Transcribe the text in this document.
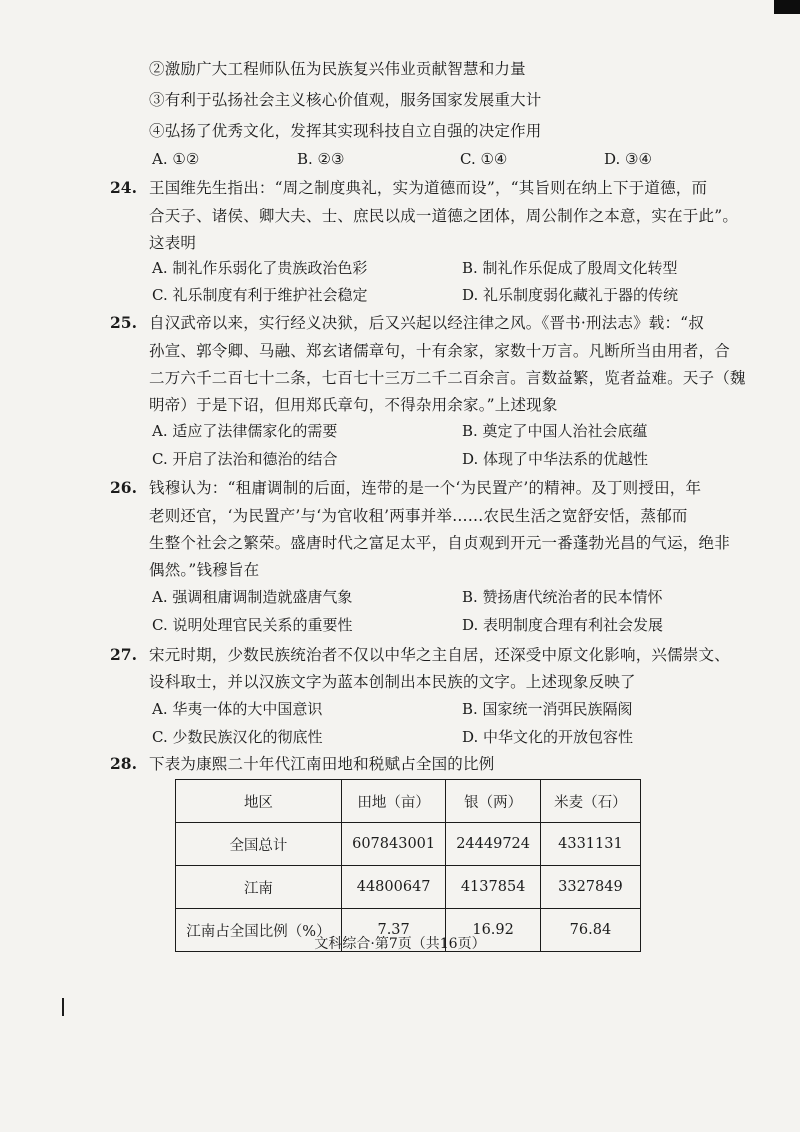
②激励广大工程师队伍为民族复兴伟业贡献智慧和力量
③有利于弘扬社会主义核心价值观，服务国家发展重大计
④弘扬了优秀文化，发挥其实现科技自立自强的决定作用
A. ①②	B. ②③	C. ①④	D. ③④
24. 王国维先生指出：“周之制度典礼，实为道德而设”，“其旨则在纳上下于道德，而
合天子、诸侯、卿大夫、士、庶民以成一道德之团体，周公制作之本意，实在于此”。
这表明
A. 制礼作乐弱化了贵族政治色彩	B. 制礼作乐促成了殷周文化转型
C. 礼乐制度有利于维护社会稳定	D. 礼乐制度弱化藏礼于器的传统
25. 自汉武帝以来，实行经义决狱，后又兴起以经注律之风。《晋书·刑法志》载：“叔
孙宣、郭令卿、马融、郑玄诸儒章句，十有余家，家数十万言。凡断所当由用者，合
二万六千二百七十二条，七百七十三万二千二百余言。言数益繁，览者益难。天子（魏
明帝）于是下诏，但用郑氏章句，不得杂用余家。”上述现象
A. 适应了法律儒家化的需要	B. 奠定了中国人治社会底蕴
C. 开启了法治和德治的结合	D. 体现了中华法系的优越性
26. 钱穆认为：“租庸调制的后面，连带的是一个‘为民置产’的精神。及丁则授田，年
老则还官，‘为民置产’与‘为官收租’两事并举……农民生活之宽舒安恬，蒸郁而
生整个社会之繁荣。盛唐时代之富足太平，自贞观到开元一番蓬勃光昌的气运，绝非
偶然。”钱穆旨在
A. 强调租庸调制造就盛唐气象	B. 赞扬唐代统治者的民本情怀
C. 说明处理官民关系的重要性	D. 表明制度合理有利社会发展
27. 宋元时期，少数民族统治者不仅以中华之主自居，还深受中原文化影响，兴儒崇文、
设科取士，并以汉族文字为蓝本创制出本民族的文字。上述现象反映了
A. 华夷一体的大中国意识	B. 国家统一消弭民族隔阂
C. 少数民族汉化的彻底性	D. 中华文化的开放包容性
28. 下表为康熙二十年代江南田地和税赋占全国的比例
地区	田地（亩）	银（两）	米麦（石）
全国总计	607843001	24449724	4331131
江南	44800647	4137854	3327849
江南占全国比例（%）	7.37	16.92	76.84
文科综合·第7页（共16页）
